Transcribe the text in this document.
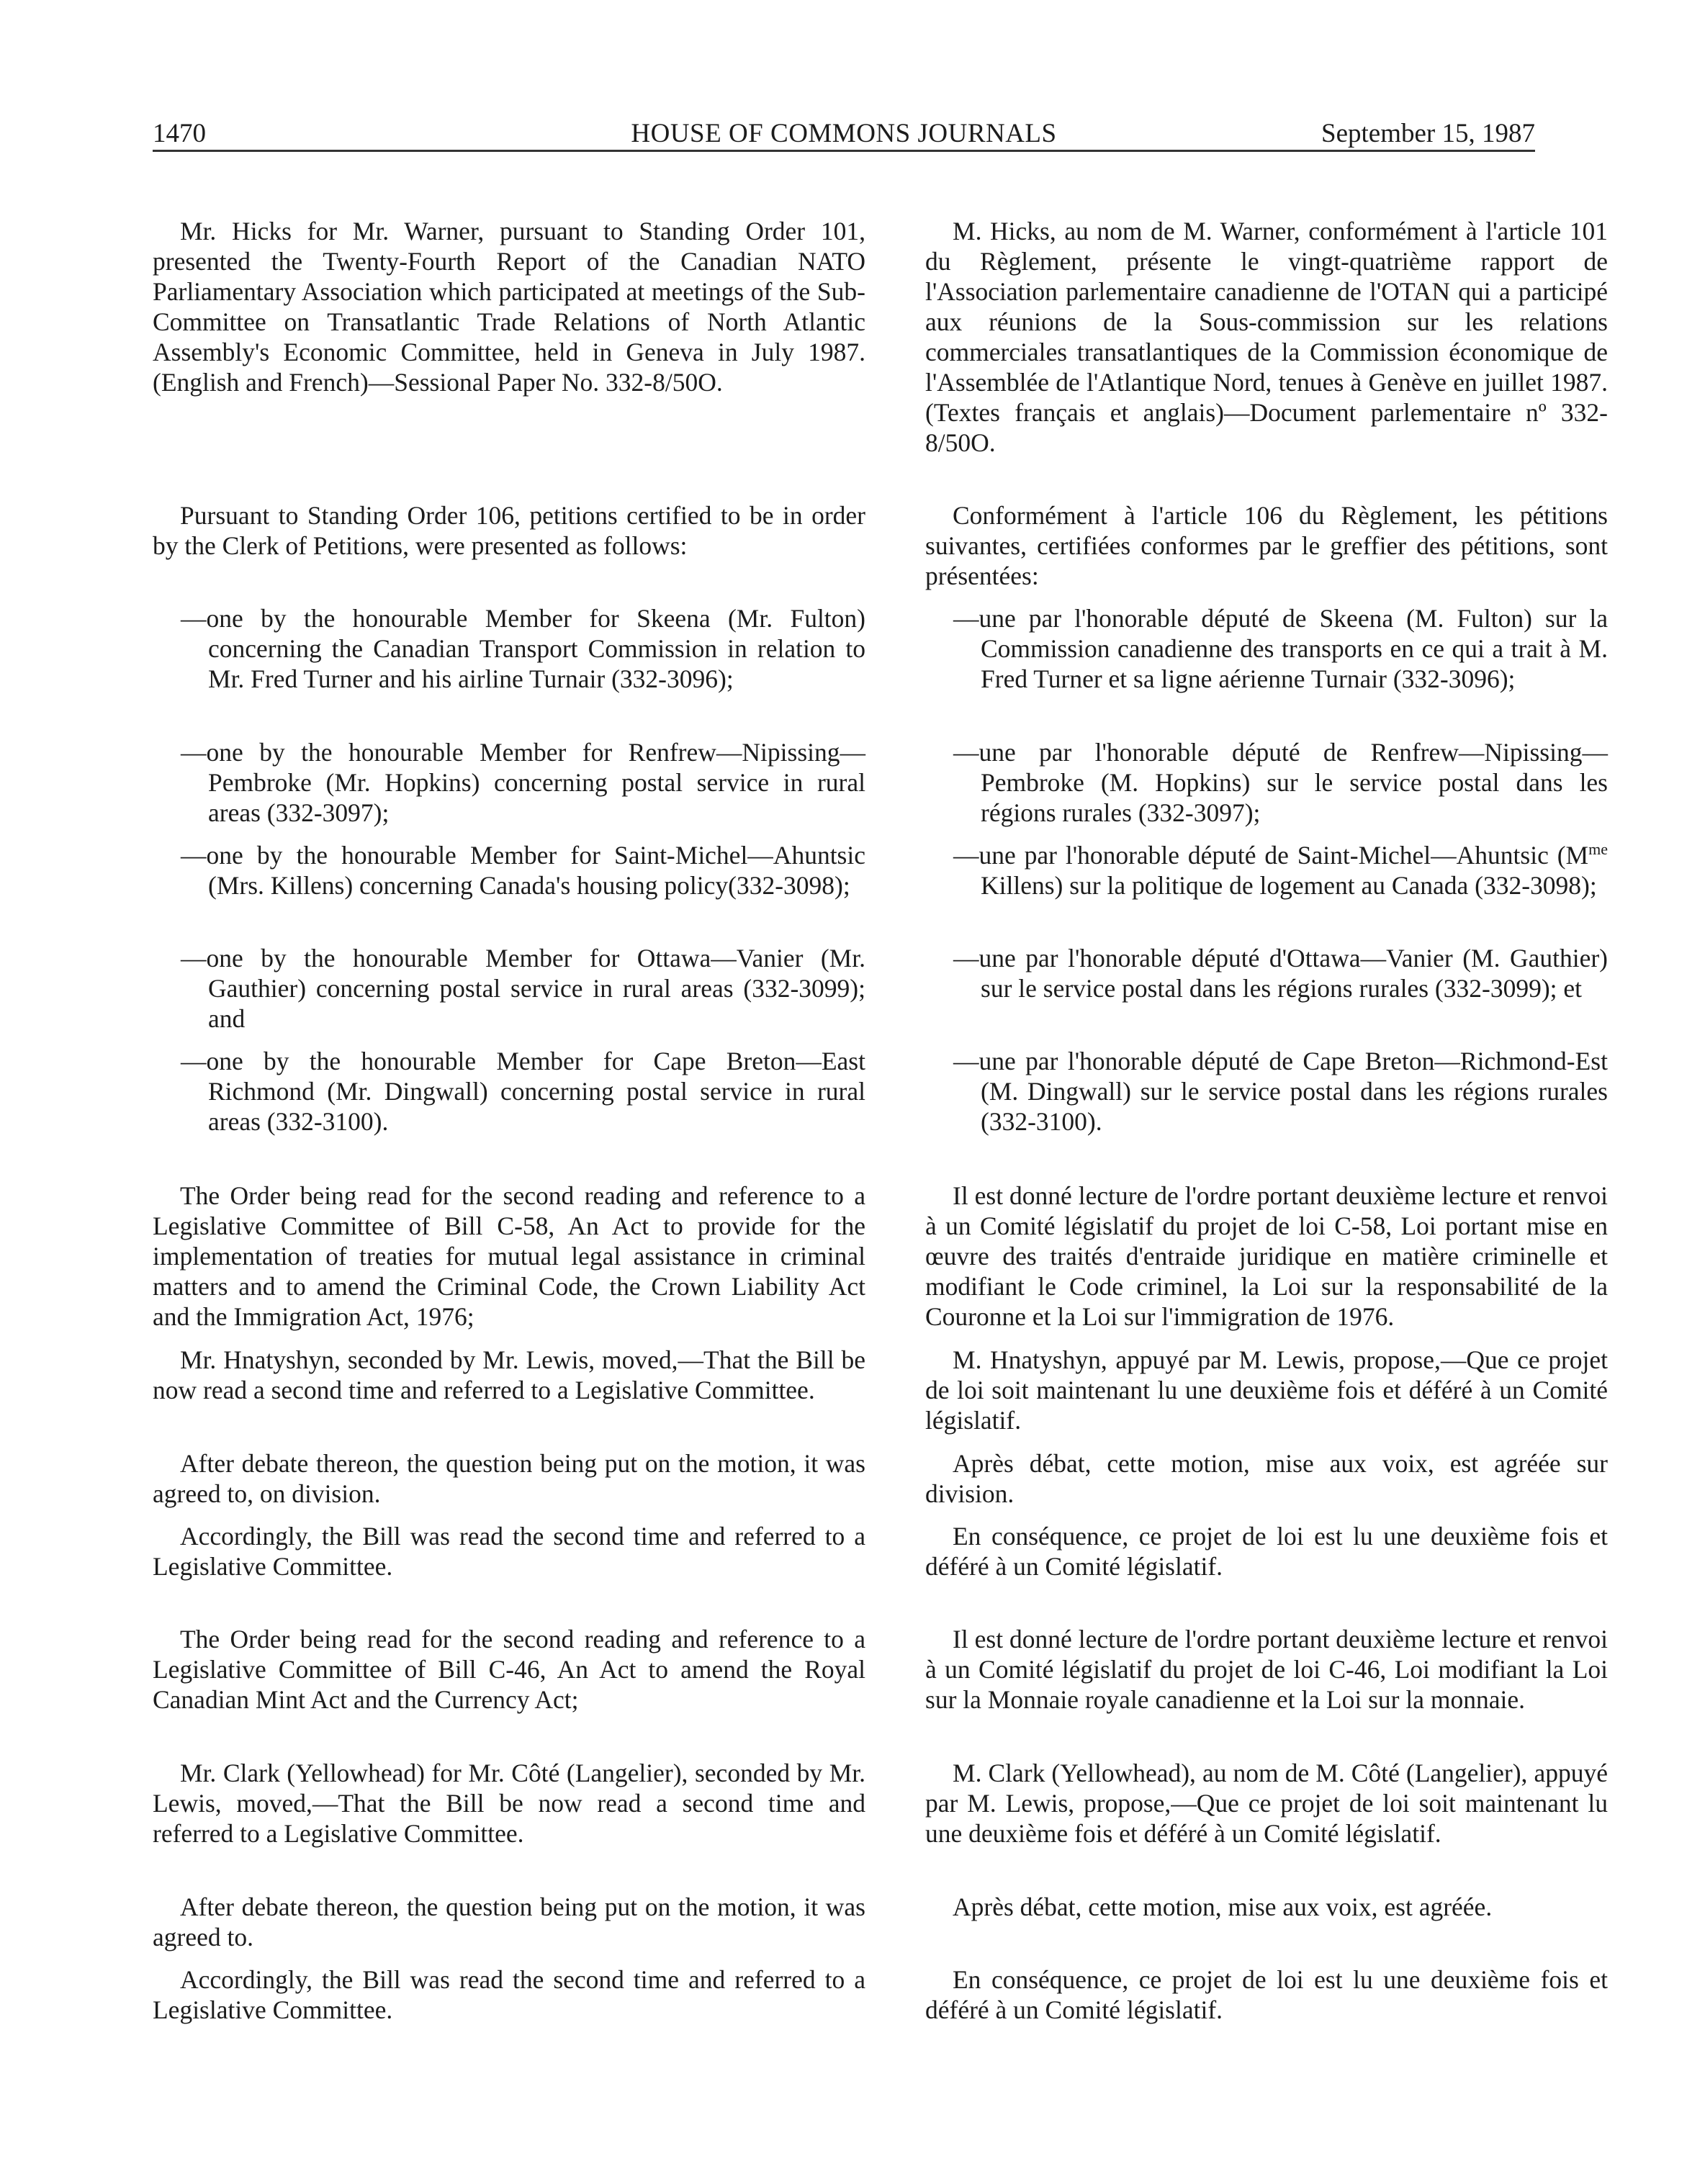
1470	HOUSE OF COMMONS JOURNALS	September 15, 1987

Mr. Hicks for Mr. Warner, pursuant to Standing Order 101, presented the Twenty-Fourth Report of the Canadian NATO Parliamentary Association which participated at meetings of the Sub-Committee on Transatlantic Trade Relations of North Atlantic Assembly's Economic Committee, held in Geneva in July 1987. (English and French)—Sessional Paper No. 332-8/50O.

Pursuant to Standing Order 106, petitions certified to be in order by the Clerk of Petitions, were presented as follows:

—one by the honourable Member for Skeena (Mr. Fulton) concerning the Canadian Transport Commission in relation to Mr. Fred Turner and his airline Turnair (332-3096);

—one by the honourable Member for Renfrew—Nipissing—Pembroke (Mr. Hopkins) concerning postal service in rural areas (332-3097);

—one by the honourable Member for Saint-Michel—Ahuntsic (Mrs. Killens) concerning Canada's housing policy(332-3098);

—one by the honourable Member for Ottawa—Vanier (Mr. Gauthier) concerning postal service in rural areas (332-3099); and

—one by the honourable Member for Cape Breton—East Richmond (Mr. Dingwall) concerning postal service in rural areas (332-3100).

The Order being read for the second reading and reference to a Legislative Committee of Bill C-58, An Act to provide for the implementation of treaties for mutual legal assistance in criminal matters and to amend the Criminal Code, the Crown Liability Act and the Immigration Act, 1976;

Mr. Hnatyshyn, seconded by Mr. Lewis, moved,—That the Bill be now read a second time and referred to a Legislative Committee.

After debate thereon, the question being put on the motion, it was agreed to, on division.

Accordingly, the Bill was read the second time and referred to a Legislative Committee.

The Order being read for the second reading and reference to a Legislative Committee of Bill C-46, An Act to amend the Royal Canadian Mint Act and the Currency Act;

Mr. Clark (Yellowhead) for Mr. Côté (Langelier), seconded by Mr. Lewis, moved,—That the Bill be now read a second time and referred to a Legislative Committee.

After debate thereon, the question being put on the motion, it was agreed to.

Accordingly, the Bill was read the second time and referred to a Legislative Committee.

M. Hicks, au nom de M. Warner, conformément à l'article 101 du Règlement, présente le vingt-quatrième rapport de l'Association parlementaire canadienne de l'OTAN qui a participé aux réunions de la Sous-commission sur les relations commerciales transatlantiques de la Commission économique de l'Assemblée de l'Atlantique Nord, tenues à Genève en juillet 1987. (Textes français et anglais)—Document parlementaire nº 332-8/50O.

Conformément à l'article 106 du Règlement, les pétitions suivantes, certifiées conformes par le greffier des pétitions, sont présentées:

—une par l'honorable député de Skeena (M. Fulton) sur la Commission canadienne des transports en ce qui a trait à M. Fred Turner et sa ligne aérienne Turnair (332-3096);

—une par l'honorable député de Renfrew—Nipissing—Pembroke (M. Hopkins) sur le service postal dans les régions rurales (332-3097);

—une par l'honorable député de Saint-Michel—Ahuntsic ($M^{me}$ Killens) sur la politique de logement au Canada (332-3098);

—une par l'honorable député d'Ottawa—Vanier (M. Gauthier) sur le service postal dans les régions rurales (332-3099); et

—une par l'honorable député de Cape Breton—Richmond-Est (M. Dingwall) sur le service postal dans les régions rurales (332-3100).

Il est donné lecture de l'ordre portant deuxième lecture et renvoi à un Comité législatif du projet de loi C-58, Loi portant mise en œuvre des traités d'entraide juridique en matière criminelle et modifiant le Code criminel, la Loi sur la responsabilité de la Couronne et la Loi sur l'immigration de 1976.

M. Hnatyshyn, appuyé par M. Lewis, propose,—Que ce projet de loi soit maintenant lu une deuxième fois et déféré à un Comité législatif.

Après débat, cette motion, mise aux voix, est agréée sur division.

En conséquence, ce projet de loi est lu une deuxième fois et déféré à un Comité législatif.

Il est donné lecture de l'ordre portant deuxième lecture et renvoi à un Comité législatif du projet de loi C-46, Loi modifiant la Loi sur la Monnaie royale canadienne et la Loi sur la monnaie.

M. Clark (Yellowhead), au nom de M. Côté (Langelier), appuyé par M. Lewis, propose,—Que ce projet de loi soit maintenant lu une deuxième fois et déféré à un Comité législatif.

Après débat, cette motion, mise aux voix, est agréée.

En conséquence, ce projet de loi est lu une deuxième fois et déféré à un Comité législatif.
